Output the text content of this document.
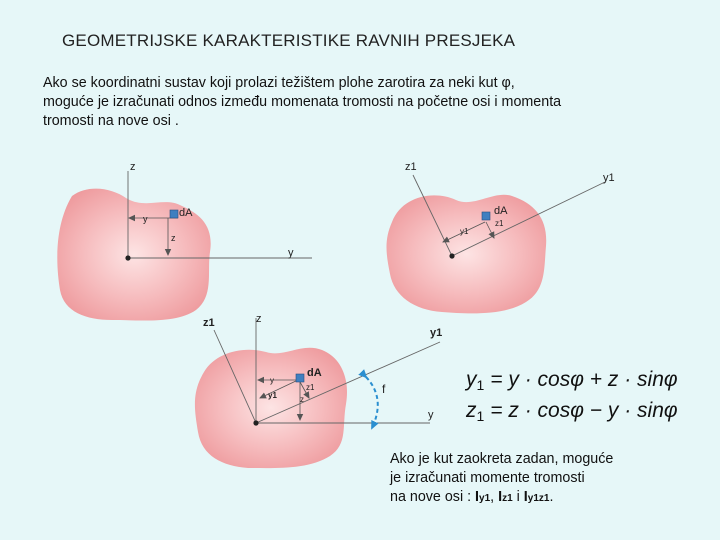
GEOMETRIJSKE KARAKTERISTIKE RAVNIH PRESJEKA
Ako se koordinatni sustav koji prolazi težištem plohe zarotira za neki kut φ,
moguće je izračunati odnos između momenata tromosti na početne osi i momenta
tromosti na nove osi .
z
y
z
y
dA
z1
y1
dA
y1
z1
z
z1
y1
y
f
dA
y
y1
z1
z
y1 = y · cosφ + z · sinφ
z1 = z · cosφ − y · sinφ
Ako je kut zaokreta zadan, moguće
je izračunati momente tromosti
na nove osi : Iy1, Iz1 i Iy1z1.
